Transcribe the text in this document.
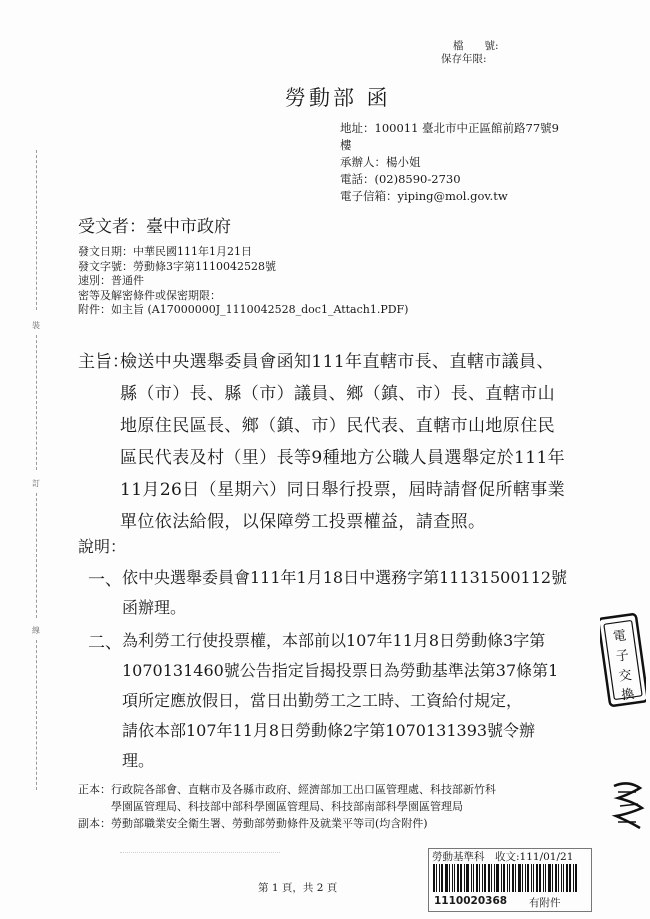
檔　　號:
保存年限:
勞動部 函
地址：100011 臺北市中正區館前路77號9
樓
承辦人：楊小姐
電話：(02)8590-2730
電子信箱：yiping@mol.gov.tw
受文者：臺中市政府
發文日期：中華民國111年1月21日
發文字號：勞動條3字第1110042528號
速別：普通件
密等及解密條件或保密期限：
附件：如主旨 (A17000000J_1110042528_doc1_Attach1.PDF)
主旨：
檢送中央選舉委員會函知111年直轄市長、直轄市議員、
縣（市）長、縣（市）議員、鄉（鎮、市）長、直轄市山
地原住民區長、鄉（鎮、市）民代表、直轄市山地原住民
區民代表及村（里）長等9種地方公職人員選舉定於111年
11月26日（星期六）同日舉行投票，屆時請督促所轄事業
單位依法給假，以保障勞工投票權益，請查照。
說明：
一、 依中央選舉委員會111年1月18日中選務字第11131500112號
函辦理。
二、 為利勞工行使投票權，本部前以107年11月8日勞動條3字第
1070131460號公告指定旨揭投票日為勞動基準法第37條第1
項所定應放假日，當日出勤勞工之工時、工資給付規定，
請依本部107年11月8日勞動條2字第1070131393號令辦
理。
正本：行政院各部會、直轄市及各縣市政府、經濟部加工出口區管理處、科技部新竹科
學園區管理局、科技部中部科學園區管理局、科技部南部科學園區管理局
副本：勞動部職業安全衛生署、勞動部勞動條件及就業平等司(均含附件)
裝
訂
線
第 1 頁，共 2 頁
電
子
交
換
勞動基準科　收文:111/01/21
1110020368 有附件
